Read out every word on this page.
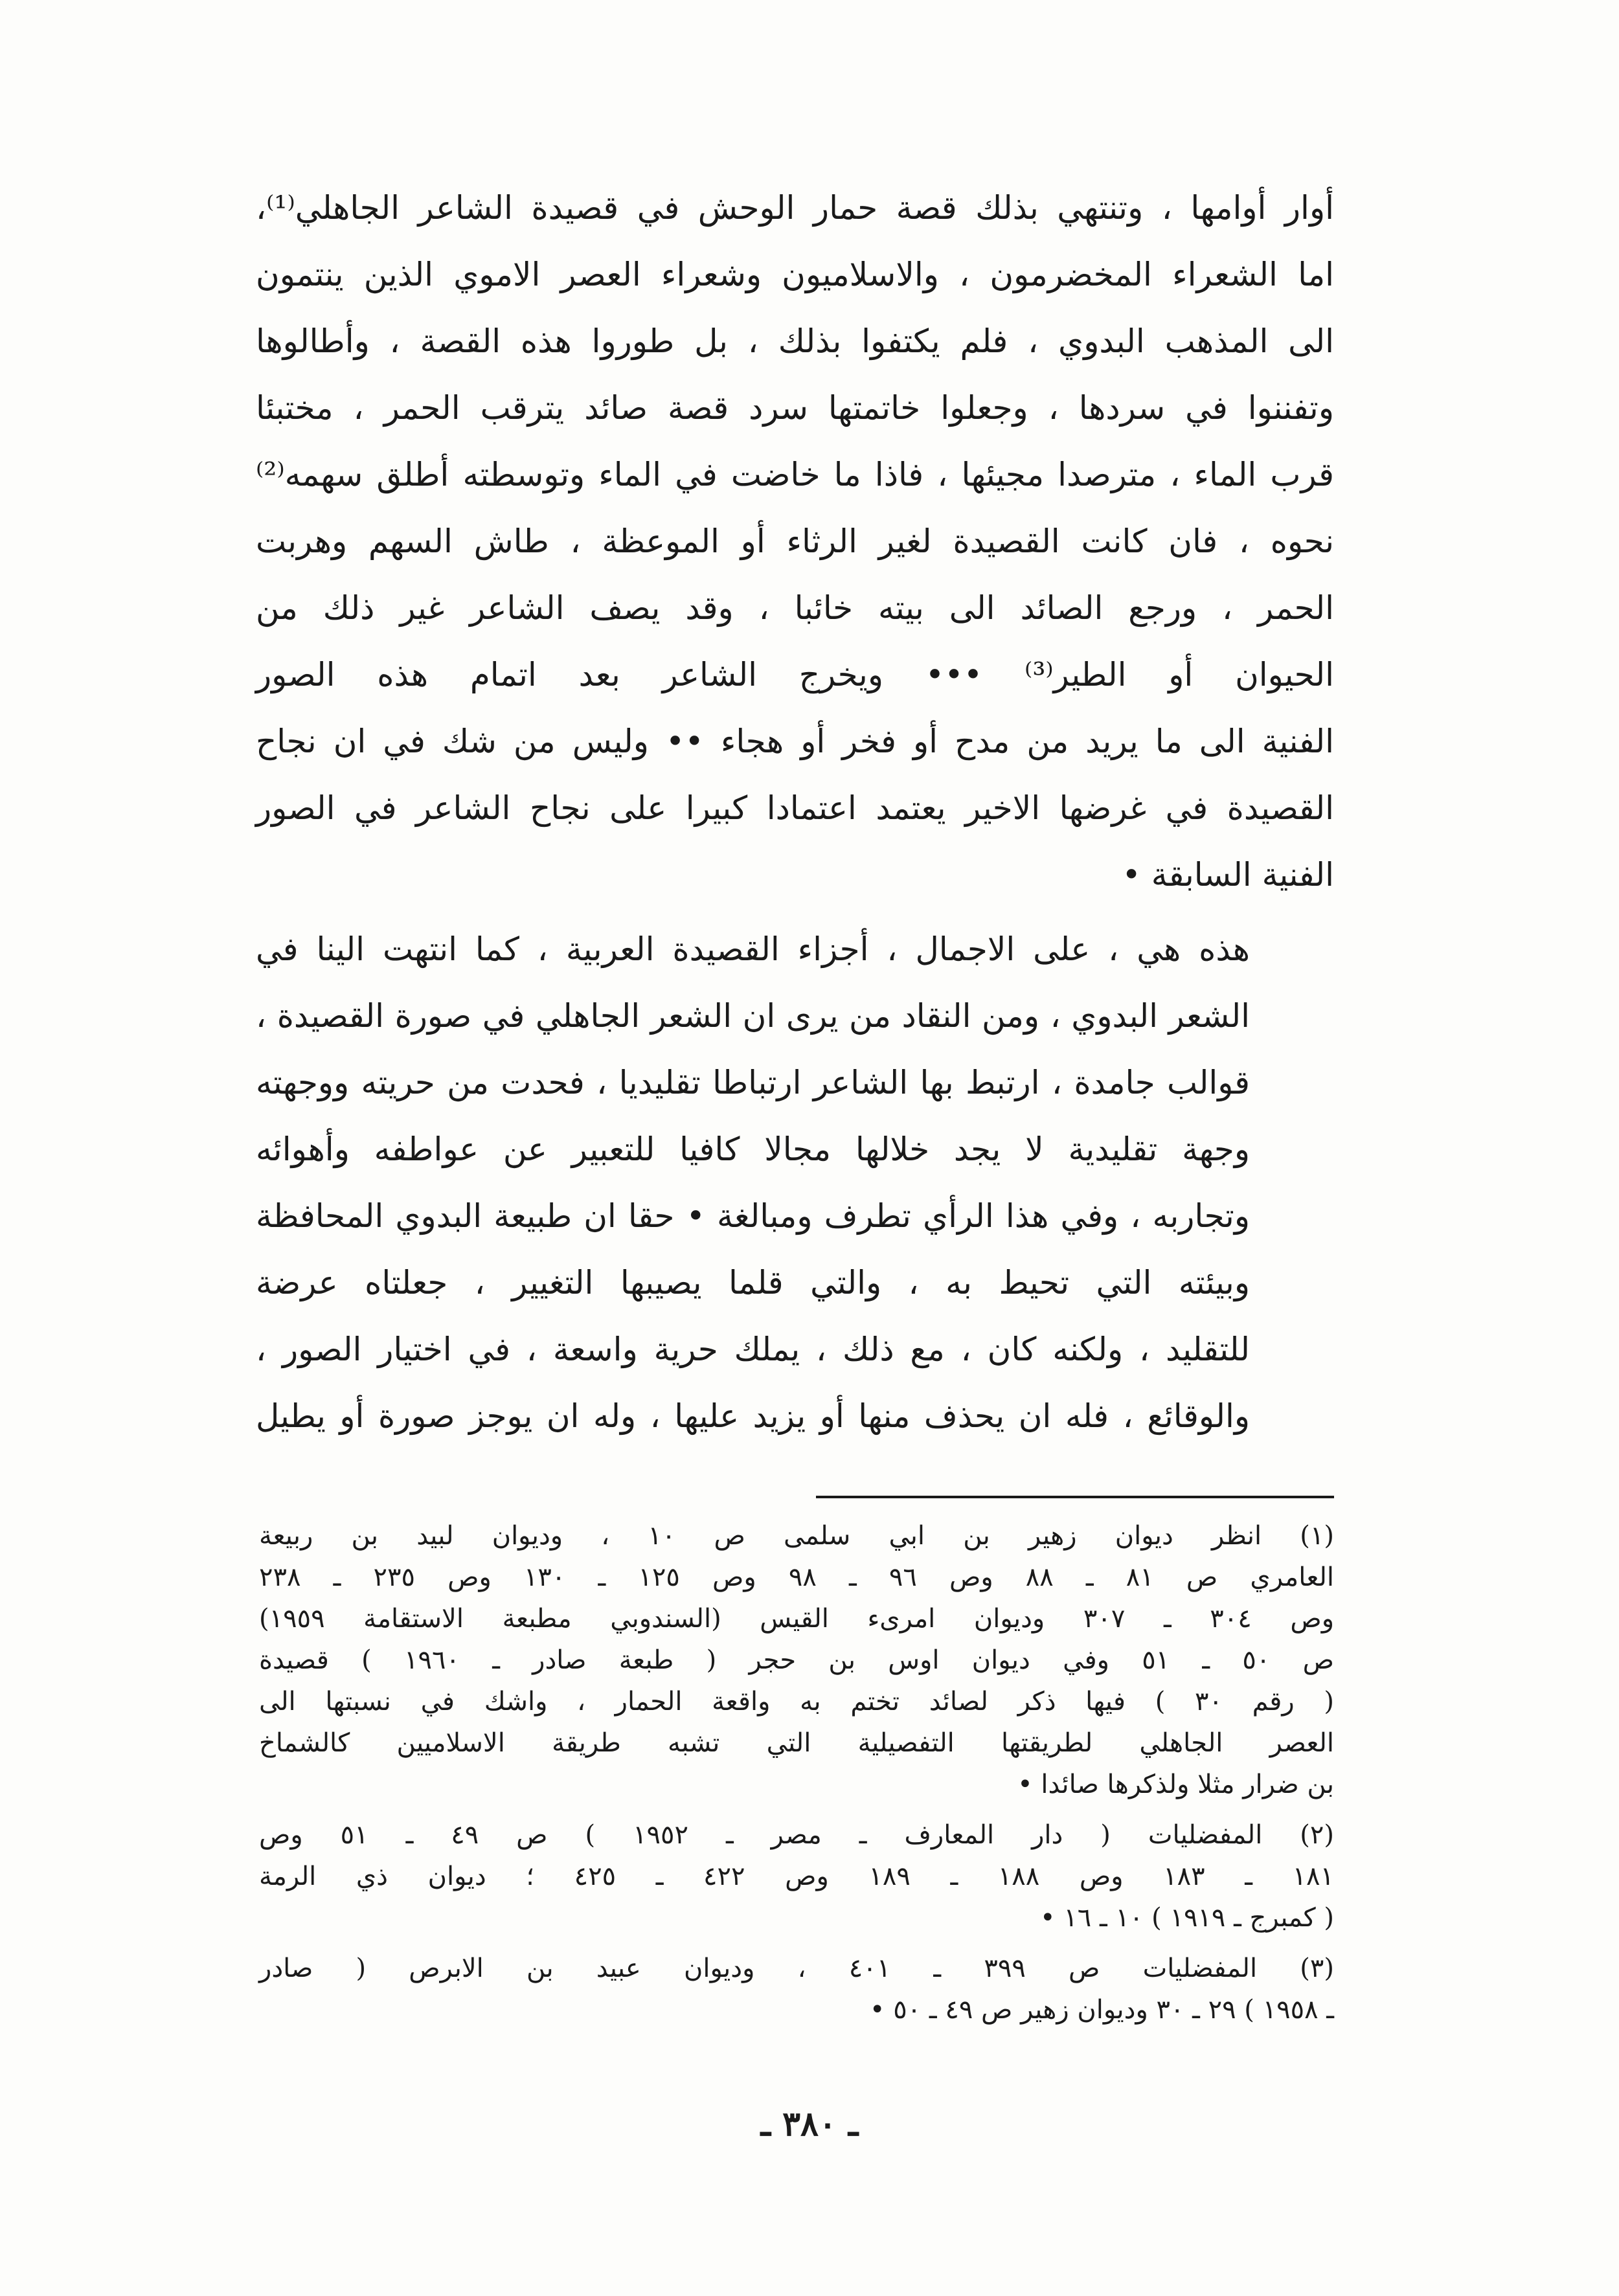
أوار أوامها ، وتنتهي بذلك قصة حمار الوحش في قصيدة الشاعر الجاهلي⁽¹⁾،
اما الشعراء المخضرمون ، والاسلاميون وشعراء العصر الاموي الذين ينتمون
الى المذهب البدوي ، فلم يكتفوا بذلك ، بل طوروا هذه القصة ، وأطالوها
وتفننوا في سردها ، وجعلوا خاتمتها سرد قصة صائد يترقب الحمر ، مختبئا
قرب الماء ، مترصدا مجيئها ، فاذا ما خاضت في الماء وتوسطته أطلق سهمه⁽²⁾
نحوه ، فان كانت القصيدة لغير الرثاء أو الموعظة ، طاش السهم وهربت
الحمر ، ورجع الصائد الى بيته خائبا ، وقد يصف الشاعر غير ذلك من
الحيوان أو الطير⁽³⁾ ••• ويخرج الشاعر بعد اتمام هذه الصور
الفنية الى ما يريد من مدح أو فخر أو هجاء •• وليس من شك في ان نجاح
القصيدة في غرضها الاخير يعتمد اعتمادا كبيرا على نجاح الشاعر في الصور
الفنية السابقة •

هذه هي ، على الاجمال ، أجزاء القصيدة العربية ، كما انتهت الينا في
الشعر البدوي ، ومن النقاد من يرى ان الشعر الجاهلي في صورة القصيدة ،
قوالب جامدة ، ارتبط بها الشاعر ارتباطا تقليديا ، فحدت من حريته ووجهته
وجهة تقليدية لا يجد خلالها مجالا كافيا للتعبير عن عواطفه وأهوائه
وتجاربه ، وفي هذا الرأي تطرف ومبالغة • حقا ان طبيعة البدوي المحافظة
وبيئته التي تحيط به ، والتي قلما يصيبها التغيير ، جعلتاه عرضة
للتقليد ، ولكنه كان ، مع ذلك ، يملك حرية واسعة ، في اختيار الصور ،
والوقائع ، فله ان يحذف منها أو يزيد عليها ، وله ان يوجز صورة أو يطيل

(١) انظر ديوان زهير بن ابي سلمى ص ١٠ ، وديوان لبيد بن ربيعة
العامري ص ٨١ ـ ٨٨ وص ٩٦ ـ ٩٨ وص ١٢٥ ـ ١٣٠ وص ٢٣٥ ـ ٢٣٨
وص ٣٠٤ ـ ٣٠٧ وديوان امرىء القيس (السندوبي مطبعة الاستقامة ١٩٥٩)
ص ٥٠ ـ ٥١ وفي ديوان اوس بن حجر ( طبعة صادر ـ ١٩٦٠ ) قصيدة
( رقم ٣٠ ) فيها ذكر لصائد تختم به واقعة الحمار ، واشك في نسبتها الى
العصر الجاهلي لطريقتها التفصيلية التي تشبه طريقة الاسلاميين كالشماخ
بن ضرار مثلا ولذكرها صائدا •
(٢) المفضليات ( دار المعارف ـ مصر ـ ١٩٥٢ ) ص ٤٩ ـ ٥١ وص
١٨١ ـ ١٨٣ وص ١٨٨ ـ ١٨٩ وص ٤٢٢ ـ ٤٢٥ ؛ ديوان ذي الرمة
( كمبرج ـ ١٩١٩ ) ١٠ ـ ١٦ •
(٣) المفضليات ص ٣٩٩ ـ ٤٠١ ، وديوان عبيد بن الابرص ( صادر
ـ ١٩٥٨ ) ٢٩ ـ ٣٠ وديوان زهير ص ٤٩ ـ ٥٠ •
ـ ٣٨٠ ـ
